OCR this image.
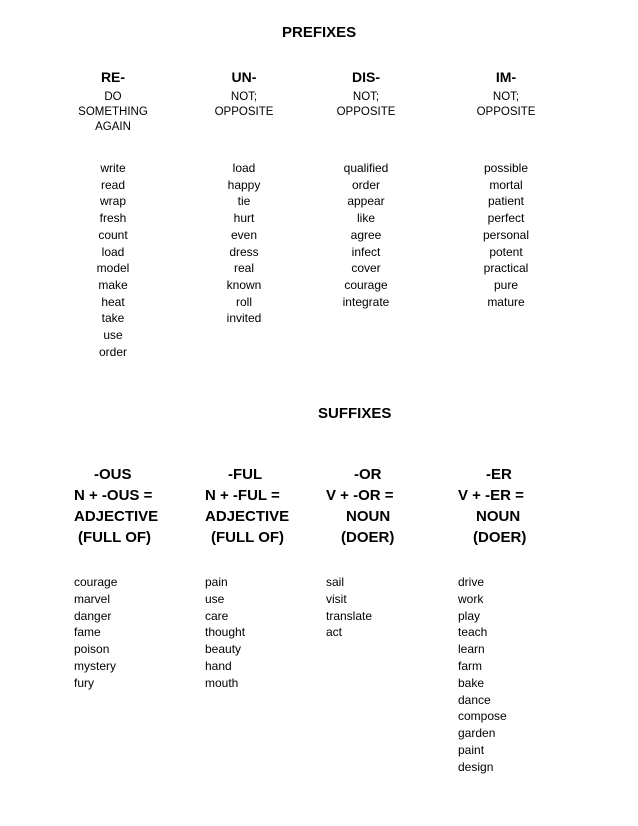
PREFIXES
RE-
DO
SOMETHING
AGAIN
write
read
wrap
fresh
count
load
model
make
heat
take
use
order
UN-
NOT;
OPPOSITE
load
happy
tie
hurt
even
dress
real
known
roll
invited
DIS-
NOT;
OPPOSITE
qualified
order
appear
like
agree
infect
cover
courage
integrate
IM-
NOT;
OPPOSITE
possible
mortal
patient
perfect
personal
potent
practical
pure
mature
SUFFIXES
-OUS
N + -OUS =
ADJECTIVE
(FULL OF)
courage
marvel
danger
fame
poison
mystery
fury
-FUL
N + -FUL =
ADJECTIVE
(FULL OF)
pain
use
care
thought
beauty
hand
mouth
-OR
V + -OR =
NOUN
(DOER)
sail
visit
translate
act
-ER
V + -ER =
NOUN
(DOER)
drive
work
play
teach
learn
farm
bake
dance
compose
garden
paint
design
